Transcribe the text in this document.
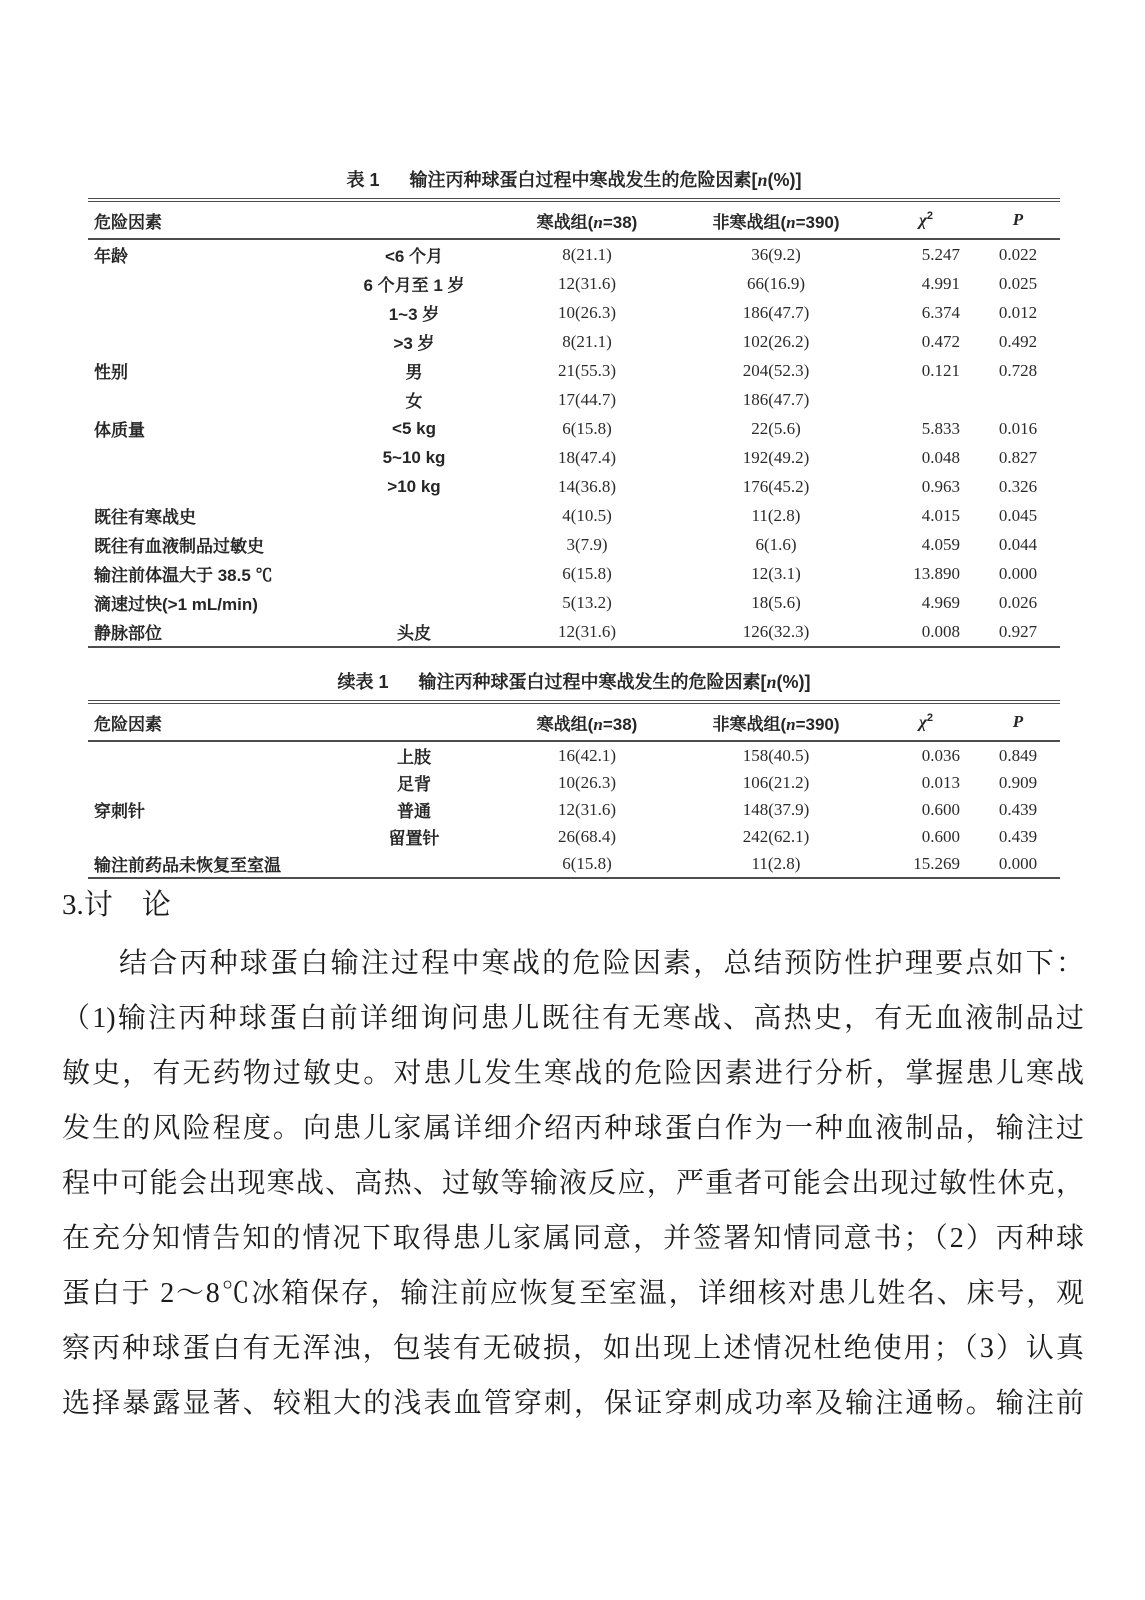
表 1 输注丙种球蛋白过程中寒战发生的危险因素[n(%)]
危险因素		寒战组(n=38)	非寒战组(n=390)	$\chi^2$	P
年龄	<6 个月	8(21.1)	36(9.2)	5.247	0.022
	6 个月至 1 岁	12(31.6)	66(16.9)	4.991	0.025
	1~3 岁	10(26.3)	186(47.7)	6.374	0.012
	>3 岁	8(21.1)	102(26.2)	0.472	0.492
性别	男	21(55.3)	204(52.3)	0.121	0.728
	女	17(44.7)	186(47.7)		
体质量	<5 kg	6(15.8)	22(5.6)	5.833	0.016
	5~10 kg	18(47.4)	192(49.2)	0.048	0.827
	>10 kg	14(36.8)	176(45.2)	0.963	0.326
既往有寒战史		4(10.5)	11(2.8)	4.015	0.045
既往有血液制品过敏史		3(7.9)	6(1.6)	4.059	0.044
输注前体温大于 38.5 ℃		6(15.8)	12(3.1)	13.890	0.000
滴速过快(>1 mL/min)		5(13.2)	18(5.6)	4.969	0.026
静脉部位	头皮	12(31.6)	126(32.3)	0.008	0.927
续表 1 输注丙种球蛋白过程中寒战发生的危险因素[n(%)]
危险因素		寒战组(n=38)	非寒战组(n=390)	$\chi^2$	P
	上肢	16(42.1)	158(40.5)	0.036	0.849
	足背	10(26.3)	106(21.2)	0.013	0.909
穿刺针	普通	12(31.6)	148(37.9)	0.600	0.439
	留置针	26(68.4)	242(62.1)	0.600	0.439
输注前药品未恢复至室温		6(15.8)	11(2.8)	15.269	0.000
3.讨　论
结合丙种球蛋白输注过程中寒战的危险因素，总结预防性护理要点如下：
（1)输注丙种球蛋白前详细询问患儿既往有无寒战、高热史，有无血液制品过
敏史，有无药物过敏史。对患儿发生寒战的危险因素进行分析，掌握患儿寒战
发生的风险程度。向患儿家属详细介绍丙种球蛋白作为一种血液制品，输注过
程中可能会出现寒战、高热、过敏等输液反应，严重者可能会出现过敏性休克，
在充分知情告知的情况下取得患儿家属同意，并签署知情同意书；（2）丙种球
蛋白于 2～8℃冰箱保存，输注前应恢复至室温，详细核对患儿姓名、床号，观
察丙种球蛋白有无浑浊，包装有无破损，如出现上述情况杜绝使用；（3）认真
选择暴露显著、较粗大的浅表血管穿刺，保证穿刺成功率及输注通畅。输注前
